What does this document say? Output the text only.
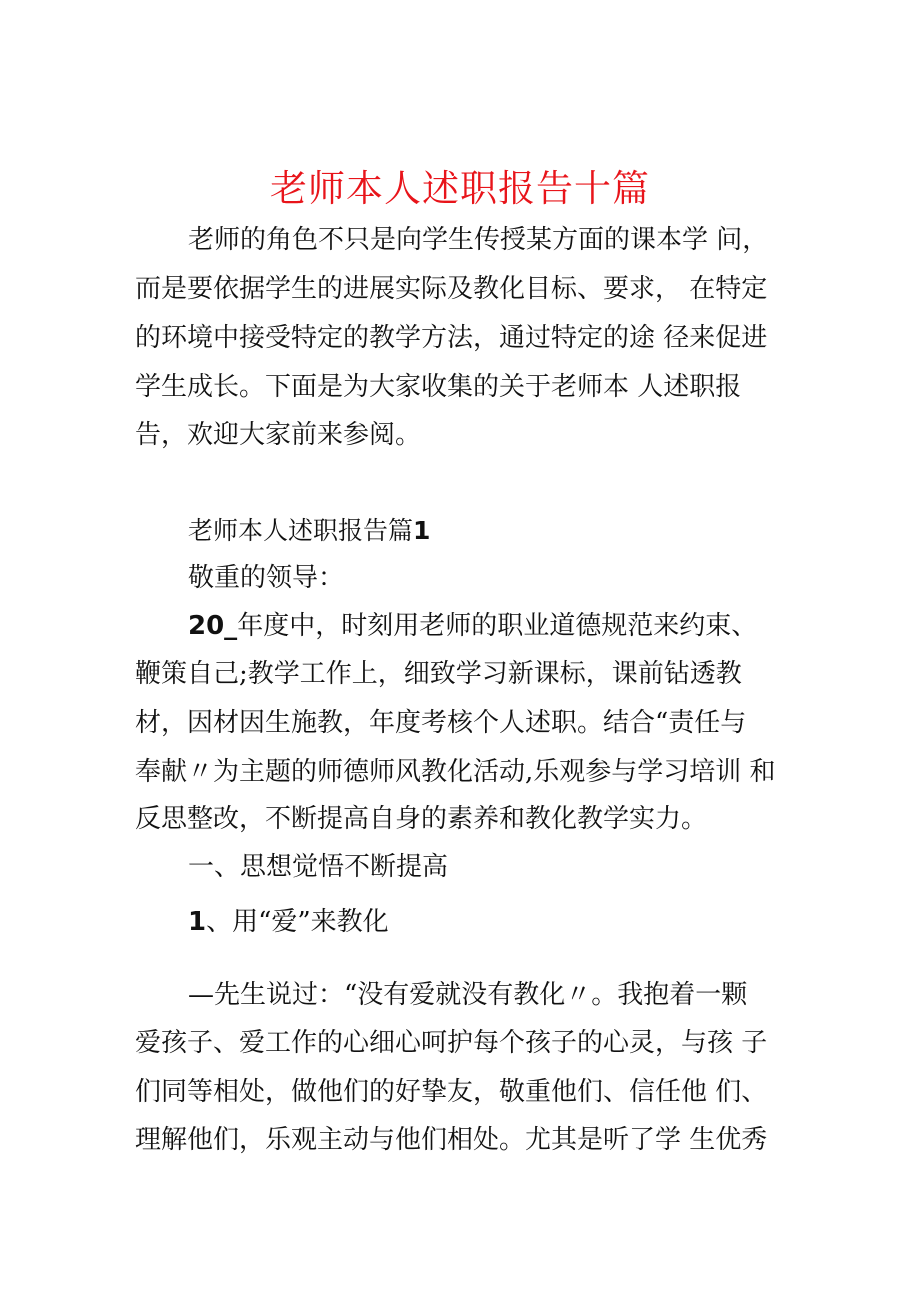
老师本人述职报告十篇

老师的角色不只是向学生传授某方面的课本学 问，

而是要依据学生的进展实际及教化目标、要求， 在特定

的环境中接受特定的教学方法，通过特定的途 径来促进

学生成长。下面是为大家收集的关于老师本 人述职报

告，欢迎大家前来参阅。

老师本人述职报告篇1

敬重的领导：

20_年度中，时刻用老师的职业道德规范来约束、

鞭策自己;教学工作上，细致学习新课标，课前钻透教

材，因材因生施教，年度考核个人述职。结合“责任与

奉献〃为主题的师德师风教化活动,乐观参与学习培训 和

反思整改，不断提高自身的素养和教化教学实力。

一、思想觉悟不断提高

1、用“爱”来教化

—先生说过：“没有爱就没有教化〃。我抱着一颗

爱孩子、爱工作的心细心呵护每个孩子的心灵，与孩 子

们同等相处，做他们的好挚友，敬重他们、信任他 们、

理解他们，乐观主动与他们相处。尤其是听了学 生优秀
